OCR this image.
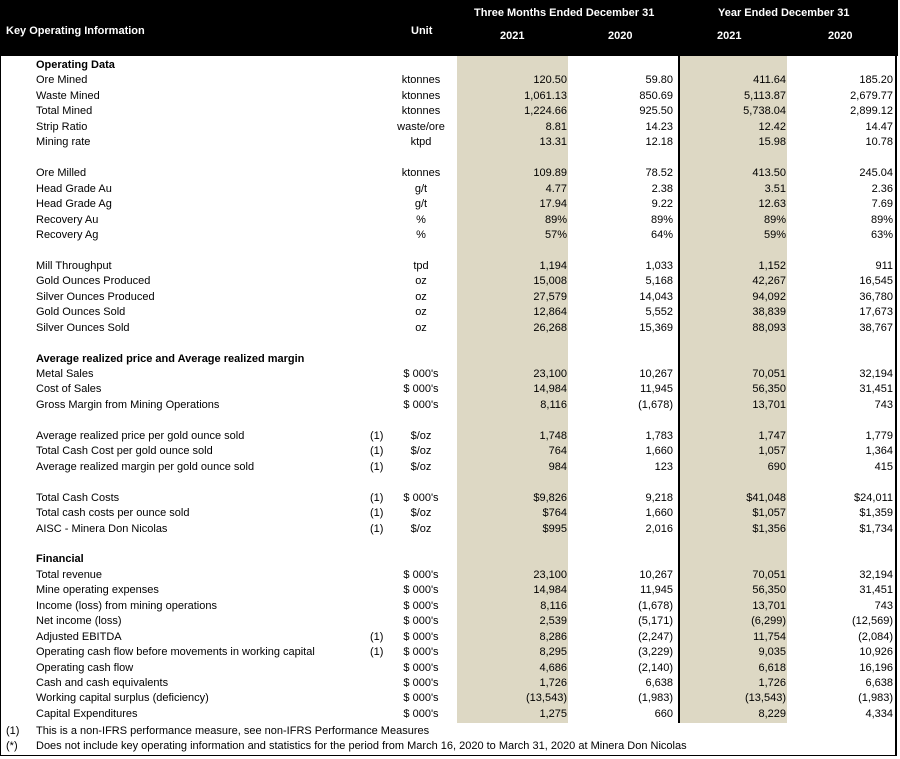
Key Operating Information	Unit
Three Months Ended December 31	Year Ended December 31
2021	2020	2021	2020
Operating Data
Ore Mined	ktonnes	120.50	59.80	411.64	185.20
Waste Mined	ktonnes	1,061.13	850.69	5,113.87	2,679.77
Total Mined	ktonnes	1,224.66	925.50	5,738.04	2,899.12
Strip Ratio	waste/ore	8.81	14.23	12.42	14.47
Mining rate	ktpd	13.31	12.18	15.98	10.78
Ore Milled	ktonnes	109.89	78.52	413.50	245.04
Head Grade Au	g/t	4.77	2.38	3.51	2.36
Head Grade Ag	g/t	17.94	9.22	12.63	7.69
Recovery Au	%	89%	89%	89%	89%
Recovery Ag	%	57%	64%	59%	63%
Mill Throughput	tpd	1,194	1,033	1,152	911
Gold Ounces Produced	oz	15,008	5,168	42,267	16,545
Silver Ounces Produced	oz	27,579	14,043	94,092	36,780
Gold Ounces Sold	oz	12,864	5,552	38,839	17,673
Silver Ounces Sold	oz	26,268	15,369	88,093	38,767
Average realized price and Average realized margin
Metal Sales	$ 000's	23,100	10,267	70,051	32,194
Cost of Sales	$ 000's	14,984	11,945	56,350	31,451
Gross Margin from Mining Operations	$ 000's	8,116	(1,678)	13,701	743
Average realized price per gold ounce sold	(1)	$/oz	1,748	1,783	1,747	1,779
Total Cash Cost per gold ounce sold	(1)	$/oz	764	1,660	1,057	1,364
Average realized margin per gold ounce sold	(1)	$/oz	984	123	690	415
Total Cash Costs	(1)	$ 000's	$9,826	9,218	$41,048	$24,011
Total cash costs per ounce sold	(1)	$/oz	$764	1,660	$1,057	$1,359
AISC - Minera Don Nicolas	(1)	$/oz	$995	2,016	$1,356	$1,734
Financial
Total revenue	$ 000's	23,100	10,267	70,051	32,194
Mine operating expenses	$ 000's	14,984	11,945	56,350	31,451
Income (loss) from mining operations	$ 000's	8,116	(1,678)	13,701	743
Net income (loss)	$ 000's	2,539	(5,171)	(6,299)	(12,569)
Adjusted EBITDA	(1)	$ 000's	8,286	(2,247)	11,754	(2,084)
Operating cash flow before movements in working capital	(1)	$ 000's	8,295	(3,229)	9,035	10,926
Operating cash flow	$ 000's	4,686	(2,140)	6,618	16,196
Cash and cash equivalents	$ 000's	1,726	6,638	1,726	6,638
Working capital surplus (deficiency)	$ 000's	(13,543)	(1,983)	(13,543)	(1,983)
Capital Expenditures	$ 000's	1,275	660	8,229	4,334
(1) This is a non-IFRS performance measure, see non-IFRS Performance Measures
(*) Does not include key operating information and statistics for the period from March 16, 2020 to March 31, 2020 at Minera Don Nicolas
